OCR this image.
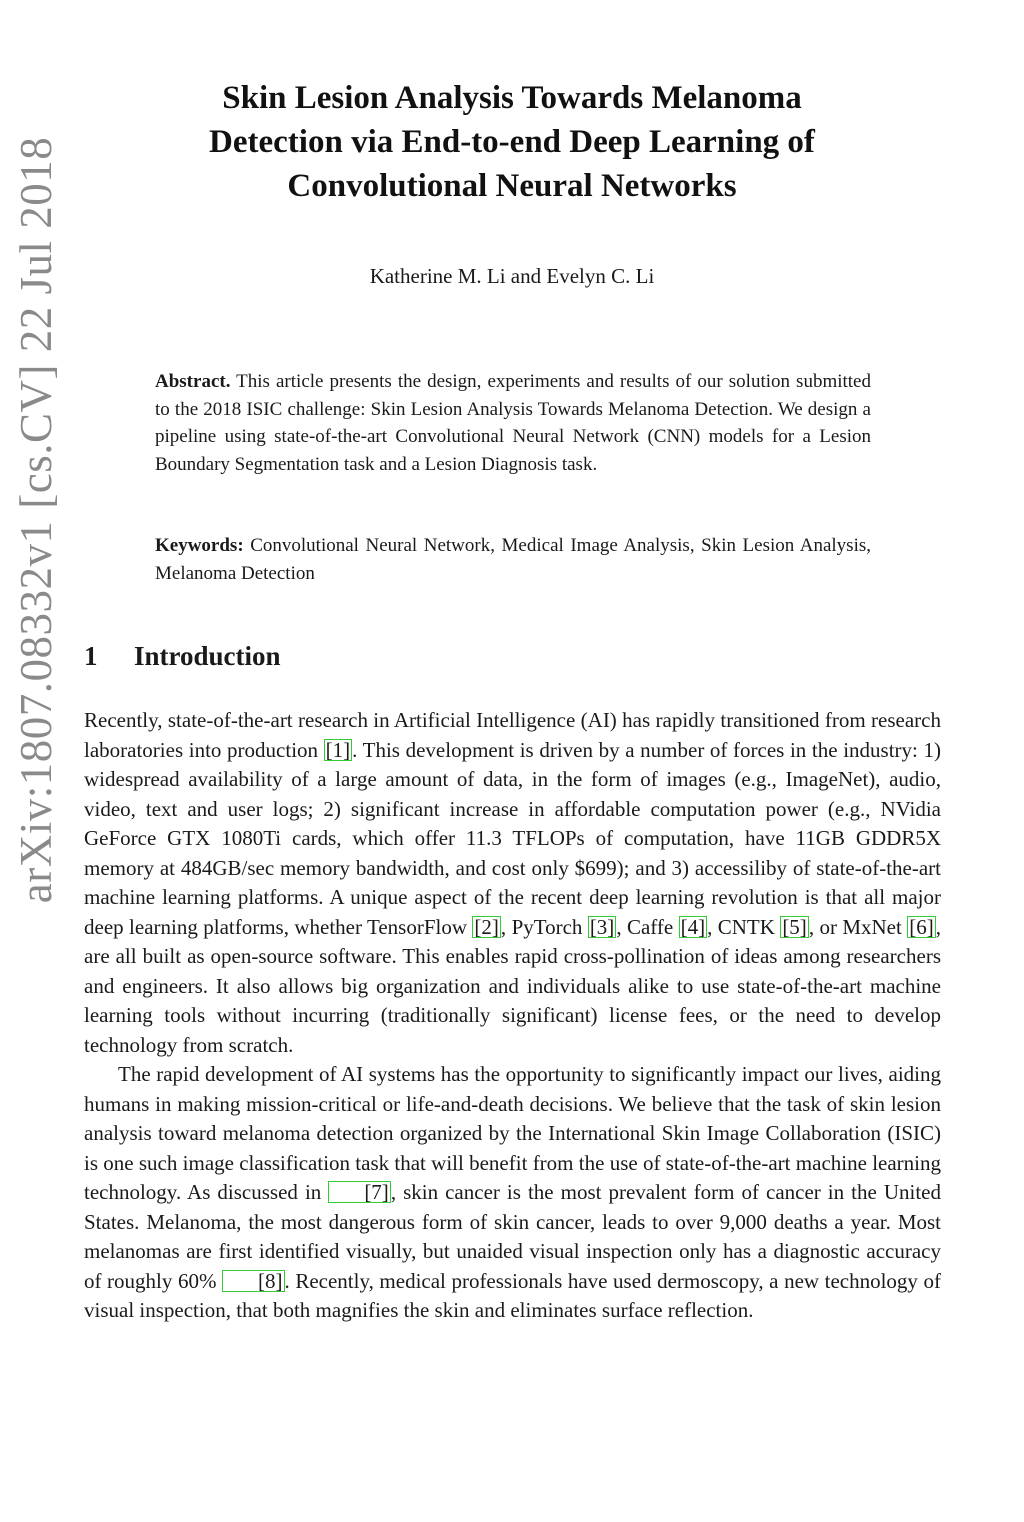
arXiv:1807.08332v1 [cs.CV] 22 Jul 2018
Skin Lesion Analysis Towards Melanoma
Detection via End-to-end Deep Learning of
Convolutional Neural Networks
Katherine M. Li and Evelyn C. Li
Abstract. This article presents the design, experiments and results of our solution submitted to the 2018 ISIC challenge: Skin Lesion Analysis Towards Melanoma Detection. We design a pipeline using state-of-the-art Convolutional Neural Network (CNN) models for a Lesion Boundary Segmentation task and a Lesion Diagnosis task.
Keywords: Convolutional Neural Network, Medical Image Analysis, Skin Lesion Analysis, Melanoma Detection
1 Introduction

Recently, state-of-the-art research in Artificial Intelligence (AI) has rapidly transitioned from research laboratories into production [1]. This development is driven by a number of forces in the industry: 1) widespread availability of a large amount of data, in the form of images (e.g., ImageNet), audio, video, text and user logs; 2) significant increase in affordable computation power (e.g., NVidia GeForce GTX 1080Ti cards, which offer 11.3 TFLOPs of computation, have 11GB GDDR5X memory at 484GB/sec memory bandwidth, and cost only $699); and 3) accessiliby of state-of-the-art machine learning platforms. A unique aspect of the recent deep learning revolution is that all major deep learning platforms, whether TensorFlow [2], PyTorch [3], Caffe [4], CNTK [5], or MxNet [6], are all built as open-source software. This enables rapid cross-pollination of ideas among researchers and engineers. It also allows big organization and individuals alike to use state-of-the-art machine learning tools without incurring (traditionally significant) license fees, or the need to develop technology from scratch.

The rapid development of AI systems has the opportunity to significantly impact our lives, aiding humans in making mission-critical or life-and-death decisions. We believe that the task of skin lesion analysis toward melanoma detection organized by the International Skin Image Collaboration (ISIC) is one such image classification task that will benefit from the use of state-of-the-art machine learning technology. As discussed in [7], skin cancer is the most prevalent form of cancer in the United States. Melanoma, the most dangerous form of skin cancer, leads to over 9,000 deaths a year. Most melanomas are first identified visually, but unaided visual inspection only has a diagnostic accuracy of roughly 60% [8]. Recently, medical professionals have used dermoscopy, a new technology of visual inspection, that both magnifies the skin and eliminates surface reflection.
